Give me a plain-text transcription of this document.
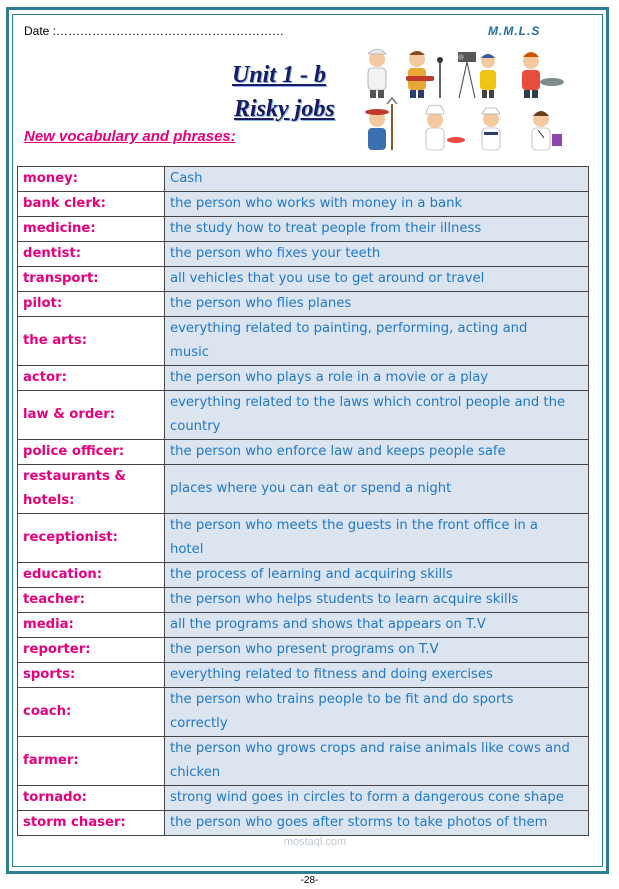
Date :…………………………………………………	M.M.L.S
Unit 1 - b
Risky jobs
New vocabulary and phrases:
money:	Cash
bank clerk:	the person who works with money in a bank
medicine:	the study how to treat people from their illness
dentist:	the person who fixes your teeth
transport:	all vehicles that you use to get around or travel
pilot:	the person who flies planes
the arts:	everything related to painting, performing, acting and music
actor:	the person who plays a role in a movie or a play
law & order:	everything related to the laws which control people and the country
police officer:	the person who enforce law and keeps people safe
restaurants & hotels:	places where you can eat or spend a night
receptionist:	the person who meets the guests in the front office in a hotel
education:	the process of learning and acquiring skills
teacher:	the person who helps students to learn acquire skills
media:	all the programs and shows that appears on T.V
reporter:	the person who present programs on T.V
sports:	everything related to fitness and doing exercises
coach:	the person who trains people to be fit and do sports correctly
farmer:	the person who grows crops and raise animals like cows and chicken
tornado:	strong wind goes in circles to form a dangerous cone shape
storm chaser:	the person who goes after storms to take photos of them
mostaql.com
-28-
